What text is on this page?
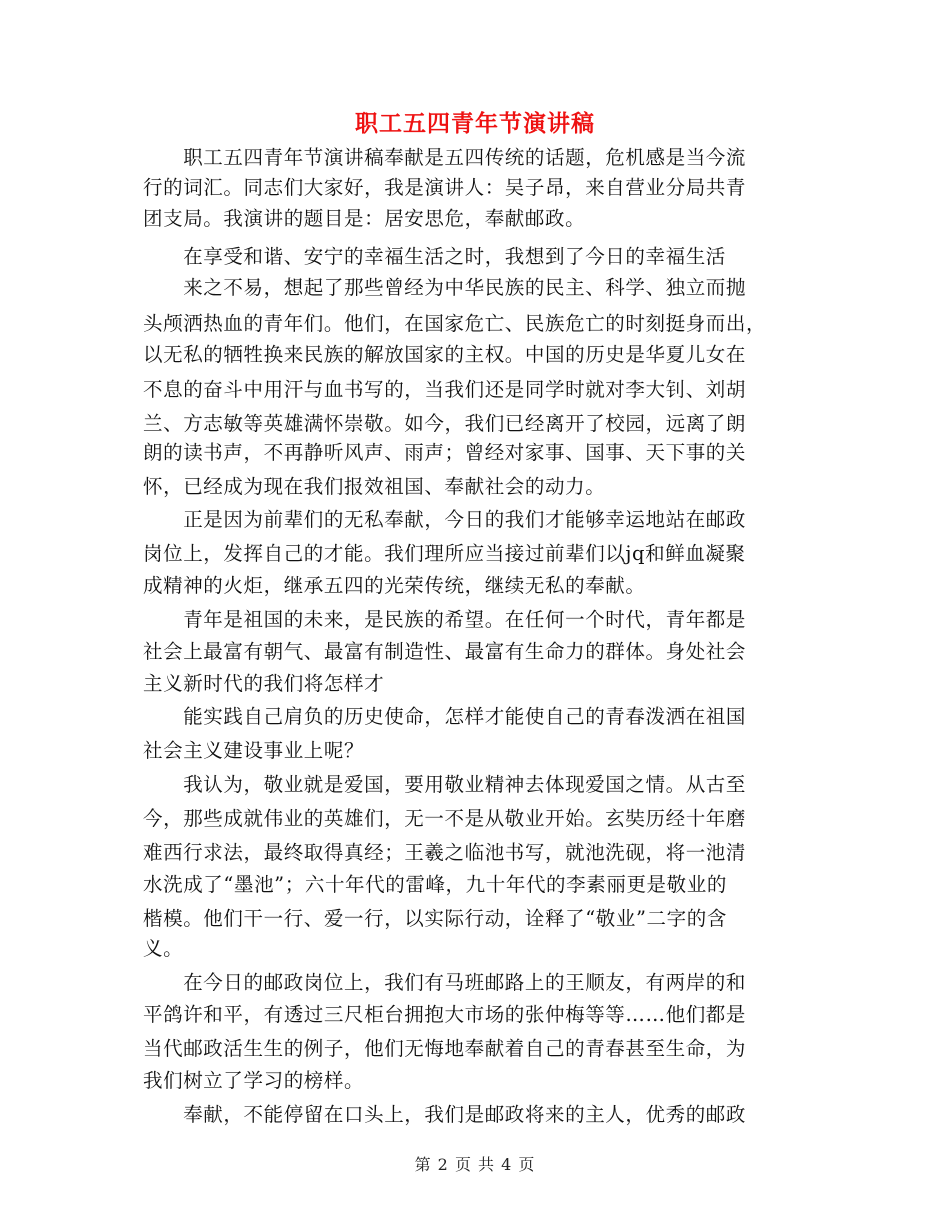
职工五四青年节演讲稿

　　职工五四青年节演讲稿奉献是五四传统的话题，危机感是当今流

行的词汇。同志们大家好，我是演讲人：吴子昂，来自营业分局共青

团支局。我演讲的题目是：居安思危，奉献邮政。

　　在享受和谐、安宁的幸福生活之时，我想到了今日的幸福生活

　　来之不易，想起了那些曾经为中华民族的民主、科学、独立而抛

头颅洒热血的青年们。他们，在国家危亡、民族危亡的时刻挺身而出，

以无私的牺牲换来民族的解放国家的主权。中国的历史是华夏儿女在

不息的奋斗中用汗与血书写的，当我们还是同学时就对李大钊、刘胡

兰、方志敏等英雄满怀崇敬。如今，我们已经离开了校园，远离了朗

朗的读书声，不再静听风声、雨声；曾经对家事、国事、天下事的关

怀，已经成为现在我们报效祖国、奉献社会的动力。

　　正是因为前辈们的无私奉献，今日的我们才能够幸运地站在邮政

岗位上，发挥自己的才能。我们理所应当接过前辈们以jq和鲜血凝聚

成精神的火炬，继承五四的光荣传统，继续无私的奉献。

　　青年是祖国的未来，是民族的希望。在任何一个时代，青年都是

社会上最富有朝气、最富有制造性、最富有生命力的群体。身处社会

主义新时代的我们将怎样才

　　能实践自己肩负的历史使命，怎样才能使自己的青春泼洒在祖国

社会主义建设事业上呢？

　　我认为，敬业就是爱国，要用敬业精神去体现爱国之情。从古至

今，那些成就伟业的英雄们，无一不是从敬业开始。玄奘历经十年磨

难西行求法，最终取得真经；王羲之临池书写，就池洗砚，将一池清

水洗成了“墨池”；六十年代的雷峰，九十年代的李素丽更是敬业的

楷模。他们干一行、爱一行，以实际行动，诠释了“敬业”二字的含

义。

　　在今日的邮政岗位上，我们有马班邮路上的王顺友，有两岸的和

平鸽许和平，有透过三尺柜台拥抱大市场的张仲梅等等……他们都是

当代邮政活生生的例子，他们无悔地奉献着自己的青春甚至生命，为

我们树立了学习的榜样。

　　奉献，不能停留在口头上，我们是邮政将来的主人，优秀的邮政

第 2 页 共 4 页
